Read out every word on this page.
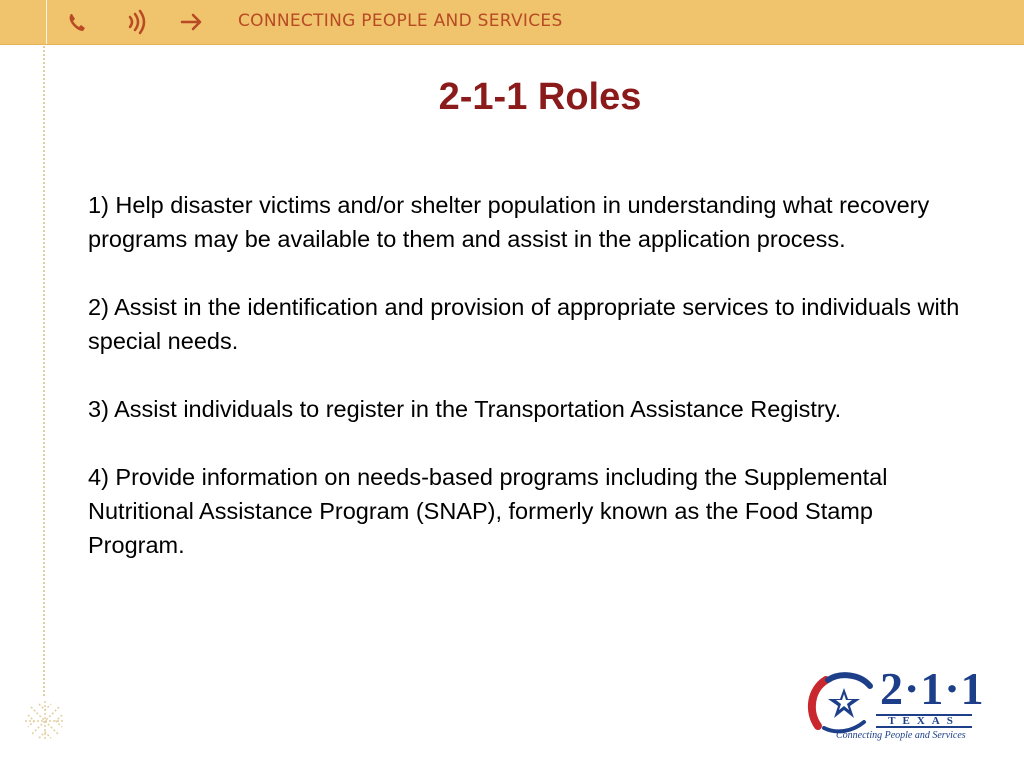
CONNECTING PEOPLE AND SERVICES
2-1-1 Roles

1) Help disaster victims and/or shelter population in understanding what recovery programs may be available to them and assist in the application process.

2) Assist in the identification and provision of appropriate services to individuals with special needs.

3) Assist individuals to register in the Transportation Assistance Registry.

4) Provide information on needs-based programs including the Supplemental Nutritional Assistance Program (SNAP), formerly known as the Food Stamp Program.

2·1·1
TEXAS
Connecting People and Services
